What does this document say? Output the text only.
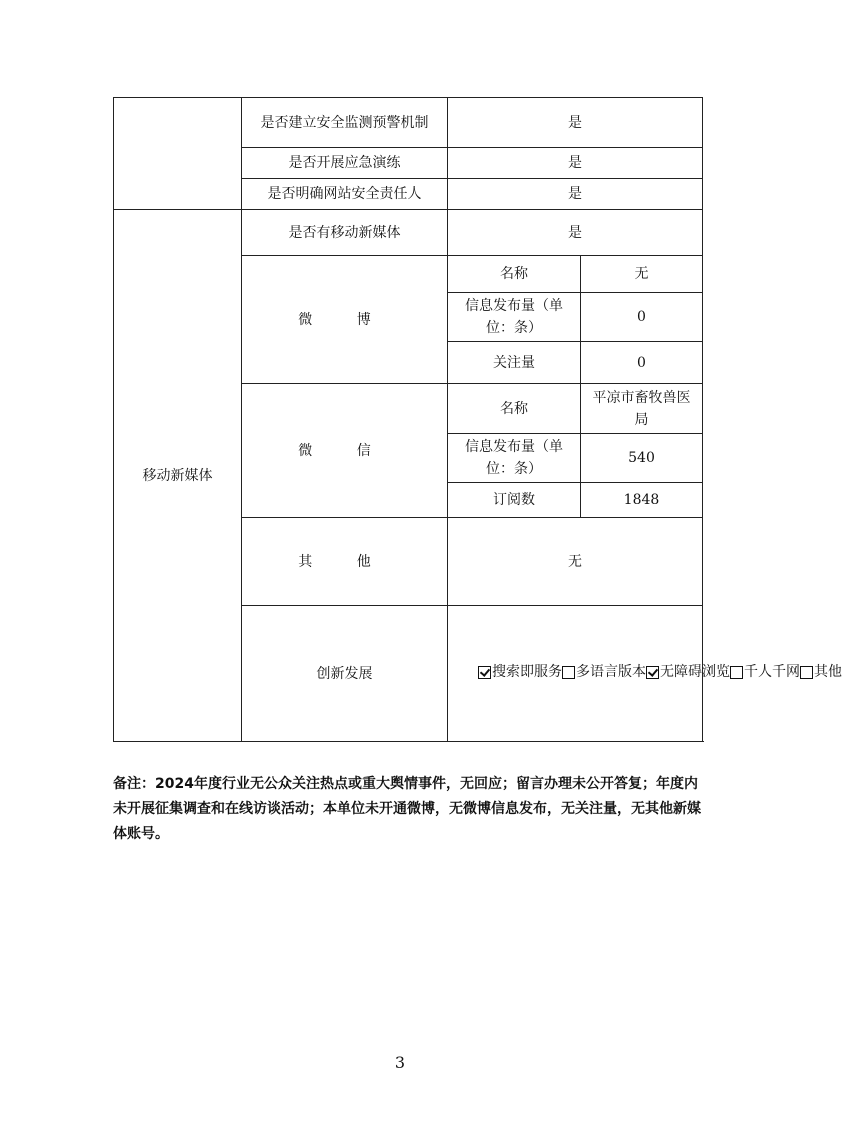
	是否建立安全监测预警机制	是	
	是否开展应急演练	是	
	是否明确网站安全责任人	是	
移动新媒体	是否有移动新媒体	是	
	微 博	名称	无
		信息发布量（单位：条）	0
		关注量	0
	微 信	名称	平凉市畜牧兽医局
		信息发布量（单位：条）	540
		订阅数	1848
	其 他	无	
	创新发展	搜索即服务 多语言版本 无障碍浏览 千人千网 其他	
备注：2024年度行业无公众关注热点或重大舆情事件，无回应；留言办理未公开答复；年度内未开展征集调查和在线访谈活动；本单位未开通微博，无微博信息发布，无关注量，无其他新媒体账号。
3
